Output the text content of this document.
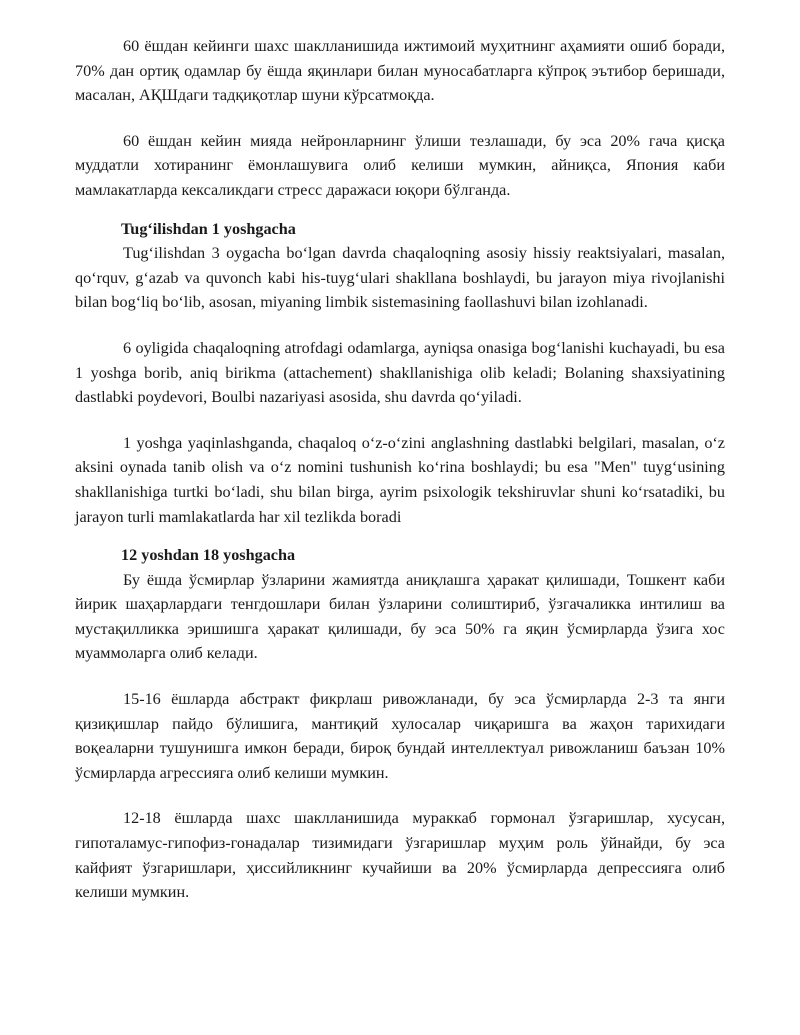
60 ёшдан кейинги шахс шаклланишида ижтимоий муҳитнинг аҳамияти ошиб боради, 70% дан ортиқ одамлар бу ёшда яқинлари билан муносабатларга кўпроқ эътибор беришади, масалан, АҚШдаги тадқиқотлар шуни кўрсатмоқда.

60 ёшдан кейин мияда нейронларнинг ўлиши тезлашади, бу эса 20% гача қисқа муддатли хотиранинг ёмонлашувига олиб келиши мумкин, айниқса, Япония каби мамлакатларда кексаликдаги стресс даражаси юқори бўлганда.

Tug‘ilishdan 1 yoshgacha

Tug‘ilishdan 3 oygacha bo‘lgan davrda chaqaloqning asosiy hissiy reaktsiyalari, masalan, qo‘rquv, g‘azab va quvonch kabi his-tuyg‘ulari shakllana boshlaydi, bu jarayon miya rivojlanishi bilan bog‘liq bo‘lib, asosan, miyaning limbik sistemasining faollashuvi bilan izohlanadi.

6 oyligida chaqaloqning atrofdagi odamlarga, ayniqsa onasiga bog‘lanishi kuchayadi, bu esa 1 yoshga borib, aniq birikma (attachement) shakllanishiga olib keladi; Bolaning shaxsiyatining dastlabki poydevori, Boulbi nazariyasi asosida, shu davrda qo‘yiladi.

1 yoshga yaqinlashganda, chaqaloq o‘z-o‘zini anglashning dastlabki belgilari, masalan, o‘z aksini oynada tanib olish va o‘z nomini tushunish ko‘rina boshlaydi; bu esa "Men" tuyg‘usining shakllanishiga turtki bo‘ladi, shu bilan birga, ayrim psixologik tekshiruvlar shuni ko‘rsatadiki, bu jarayon turli mamlakatlarda har xil tezlikda boradi

12 yoshdan 18 yoshgacha

Бу ёшда ўсмирлар ўзларини жамиятда аниқлашга ҳаракат қилишади, Тошкент каби йирик шаҳарлардаги тенгдошлари билан ўзларини солиштириб, ўзгачаликка интилиш ва мустақилликка эришишга ҳаракат қилишади, бу эса 50% га яқин ўсмирларда ўзига хос муаммоларга олиб келади.

15-16 ёшларда абстракт фикрлаш ривожланади, бу эса ўсмирларда 2-3 та янги қизиқишлар пайдо бўлишига, мантиқий хулосалар чиқаришга ва жаҳон тарихидаги воқеаларни тушунишга имкон беради, бироқ бундай интеллектуал ривожланиш баъзан 10% ўсмирларда агрессияга олиб келиши мумкин.

12-18 ёшларда шахс шаклланишида мураккаб гормонал ўзгаришлар, хусусан, гипоталамус-гипофиз-гонадалар тизимидаги ўзгаришлар муҳим роль ўйнайди, бу эса кайфият ўзгаришлари, ҳиссийликнинг кучайиши ва 20% ўсмирларда депрессияга олиб келиши мумкин.
